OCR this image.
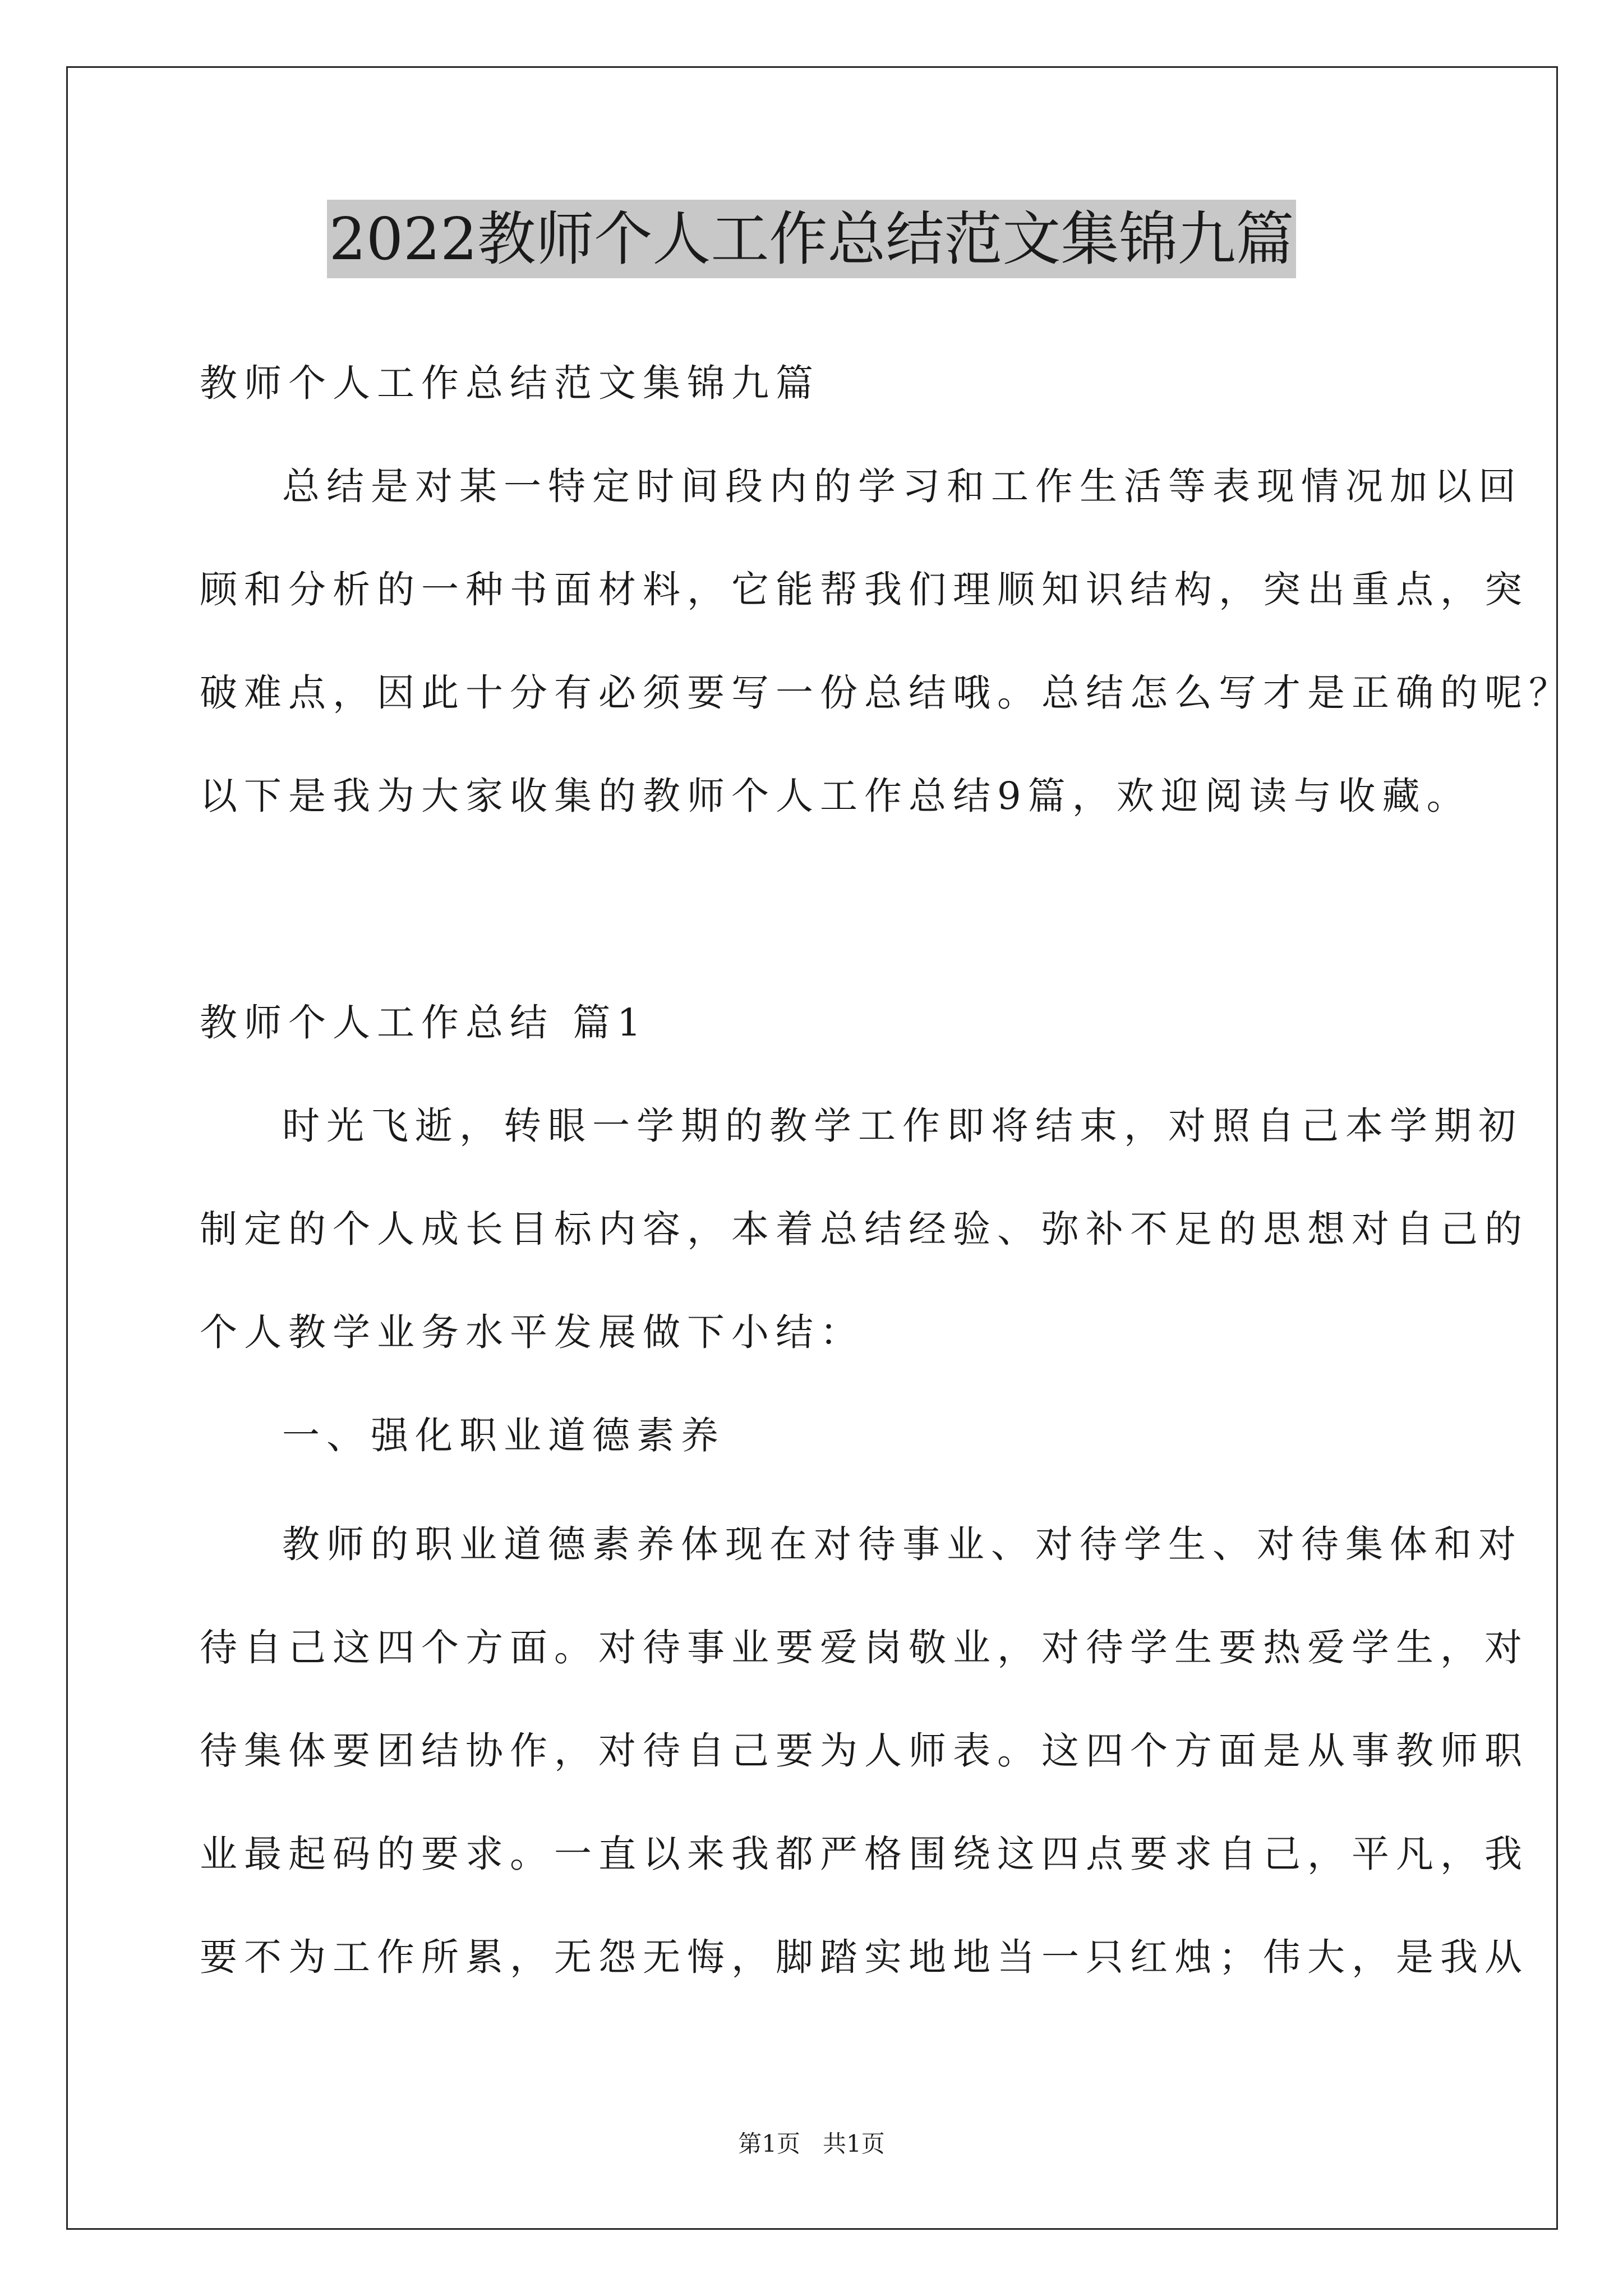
2022教师个人工作总结范文集锦九篇
教师个人工作总结范文集锦九篇
总结是对某一特定时间段内的学习和工作生活等表现情况加以回
顾和分析的一种书面材料，它能帮我们理顺知识结构，突出重点，突
破难点，因此十分有必须要写一份总结哦。总结怎么写才是正确的呢？
以下是我为大家收集的教师个人工作总结9篇，欢迎阅读与收藏。
教师个人工作总结 篇1
时光飞逝，转眼一学期的教学工作即将结束，对照自己本学期初
制定的个人成长目标内容，本着总结经验、弥补不足的思想对自己的
个人教学业务水平发展做下小结：
一、强化职业道德素养
教师的职业道德素养体现在对待事业、对待学生、对待集体和对
待自己这四个方面。对待事业要爱岗敬业，对待学生要热爱学生，对
待集体要团结协作，对待自己要为人师表。这四个方面是从事教师职
业最起码的要求。一直以来我都严格围绕这四点要求自己，平凡，我
要不为工作所累，无怨无悔，脚踏实地地当一只红烛；伟大，是我从
第1页   共1页
